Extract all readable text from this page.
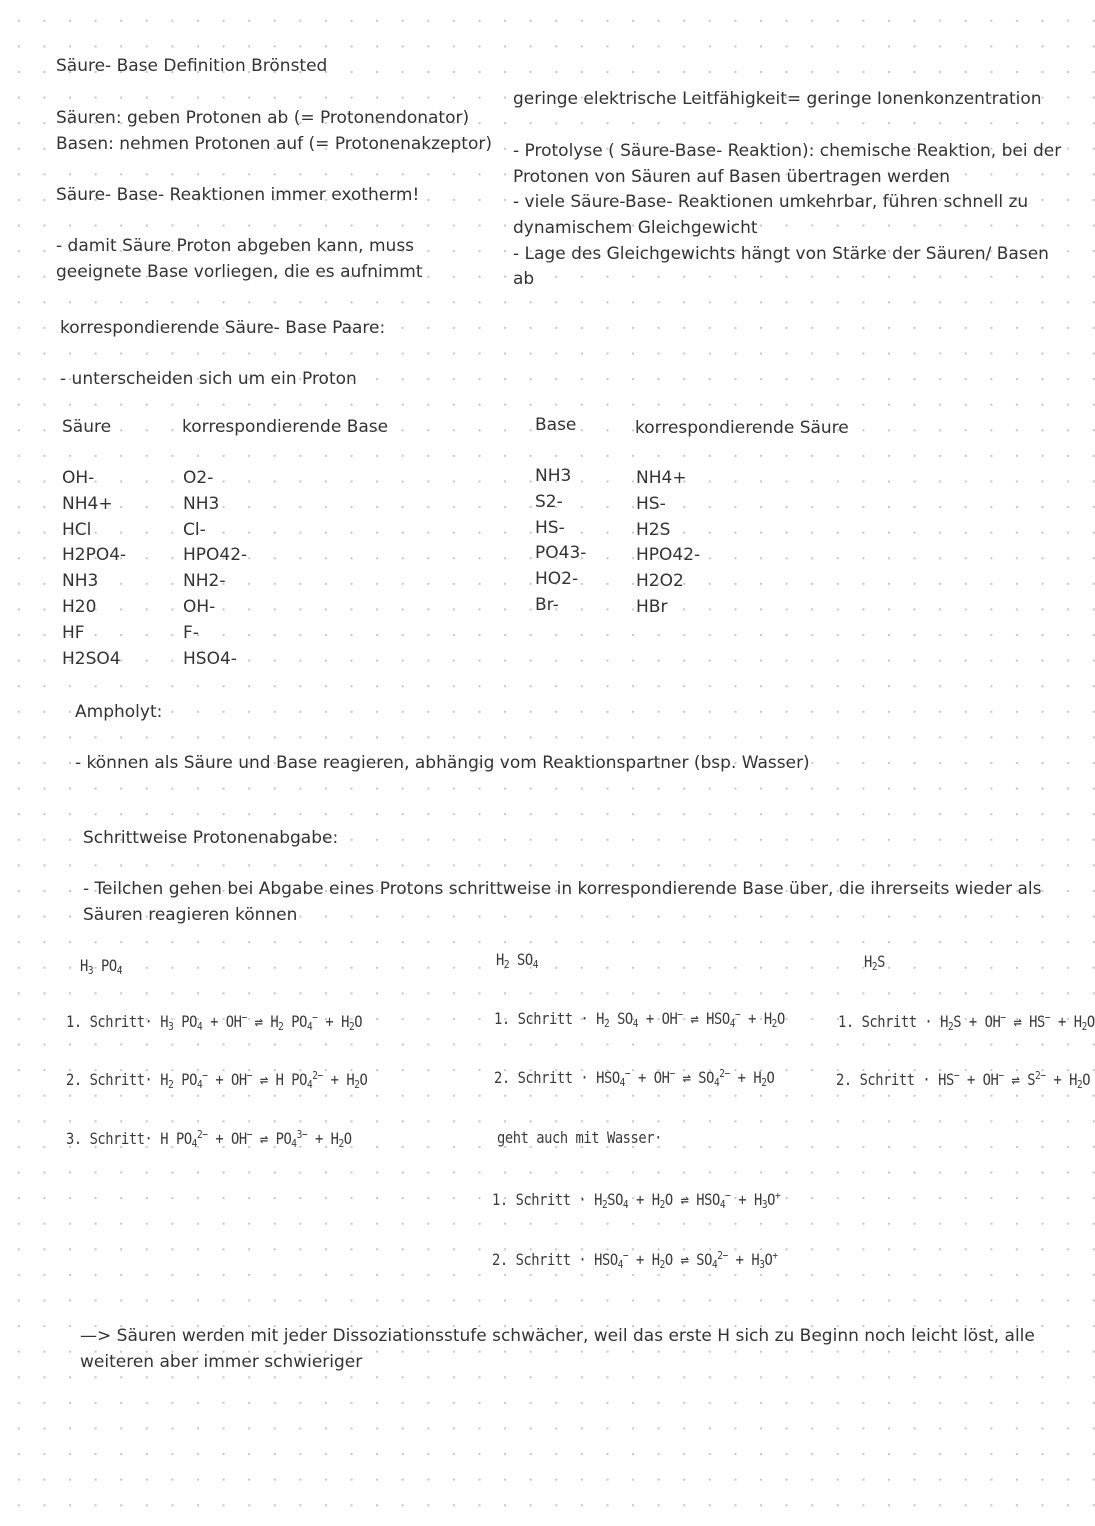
Säure- Base Definition Brönsted

Säuren: geben Protonen ab (= Protonendonator)

Basen: nehmen Protonen auf (= Protonenakzeptor)

Säure- Base- Reaktionen immer exotherm!

- damit Säure Proton abgeben kann, muss

geeignete Base vorliegen, die es aufnimmt

korrespondierende Säure- Base Paare:

- unterscheiden sich um ein Proton

geringe elektrische Leitfähigkeit= geringe Ionenkonzentration

- Protolyse ( Säure-Base- Reaktion): chemische Reaktion, bei der

Protonen von Säuren auf Basen übertragen werden

- viele Säure-Base- Reaktionen umkehrbar, führen schnell zu

dynamischem Gleichgewicht

- Lage des Gleichgewichts hängt von Stärke der Säuren/ Basen

ab

Säure	korrespondierende Base

OH-
NH4+
HCl
H2PO4-
NH3
H20
HF
H2SO4
O2-
NH3
Cl-
HPO42-
NH2-
OH-
F-
HSO4-

Base	korrespondierende Säure

NH3
S2-
HS-
PO43-
HO2-
Br-
NH4+
HS-
H2S
HPO42-
H2O2
HBr

Ampholyt:

- können als Säure und Base reagieren, abhängig vom Reaktionspartner (bsp. Wasser)

Schrittweise Protonenabgabe:

- Teilchen gehen bei Abgabe eines Protons schrittweise in korrespondierende Base über, die ihrerseits wieder als Säuren reagieren können

$H_3$ $PO_4$
1. Schritt· $H_3$ $PO_4 + OH^-$ ⇌ $H_2$ $PO_4^- + H_2O$
2. Schritt· $H_2$ $PO_4^- + OH^-$ ⇌ H $PO_4^{2-} + H_2O$
3. Schritt· H $PO_4^{2-} + OH^-$ ⇌ $PO_4^{3-} + H_2O$
$H_2$ $SO_4$
1. Schritt · $H_2$ $SO_4 + OH^-$ ⇌ $HSO_4^- + H_2O$
2. Schritt · $HSO_4^- + OH^-$ ⇌ $SO_4^{2-} + H_2O$
geht auch mit Wasser·
1. Schritt · $H_2SO_4 + H_2O$ ⇌ $HSO_4^- + H_3O^+$
2. Schritt · $HSO_4^- + H_2O$ ⇌ $SO_4^{2-} + H_3O^+$
$H_2S$
1. Schritt · $H_2S + OH^-$ ⇌ $HS^- + H_2O$
2. Schritt · HS− + OH− ⇌ $S^{2-} + H_2O$

—> Säuren werden mit jeder Dissoziationsstufe schwächer, weil das erste H sich zu Beginn noch leicht löst, alle

weiteren aber immer schwieriger
